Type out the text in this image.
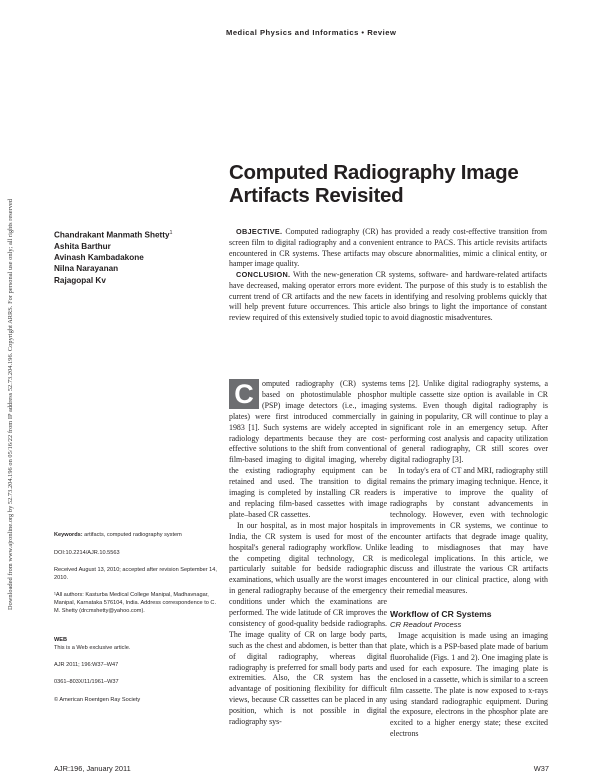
Downloaded from www.ajronline.org by 52.73.204.196 on 05/16/22 from IP address 52.73.204.196. Copyright ARRS. For personal use only; all rights reserved
Medical Physics and Informatics • Review
Computed Radiography Image
Artifacts Revisited
Chandrakant Manmath Shetty$^1$
Ashita Barthur
Avinash Kambadakone
Nilna Narayanan
Rajagopal Kv

OBJECTIVE. Computed radiography (CR) has provided a ready cost-effective transition from screen film to digital radiography and a convenient entrance to PACS. This article revisits artifacts encountered in CR systems. These artifacts may obscure abnormalities, mimic a clinical entity, or hamper image quality.

CONCLUSION. With the new-generation CR systems, software- and hardware-related artifacts have decreased, making operator errors more evident. The purpose of this study is to establish the current trend of CR artifacts and the new facets in identifying and resolving problems quickly that will help prevent future occurrences. This article also brings to light the importance of constant review required of this extensively studied topic to avoid diagnostic misadventures.

C	omputed radiography (CR) systems based on photostimulable phosphor (PSP) image detectors (i.e., imaging plates) were first introduced commercially in 1983 [1]. Such systems are widely accepted in radiology departments because they are cost-effective solutions to the shift from conventional film-based imaging to digital imaging, whereby the existing radiography equipment can be retained and used. The transition to digital imaging is completed by installing CR readers and replacing film-based cassettes with image plate–based CR cassettes.

In our hospital, as in most major hospitals in India, the CR system is used for most of the hospital's general radiography workflow. Unlike the competing digital technology, CR is particularly suitable for bedside radiographic examinations, which usually are the worst images in general radiography because of the emergency conditions under which the examinations are performed. The wide latitude of CR improves the consistency of good-quality bedside radiographs. The image quality of CR on large body parts, such as the chest and abdomen, is better than that of digital radiography, whereas digital radiography is preferred for small body parts and extremities. Also, the CR system has the advantage of positioning flexibility for difficult views, because CR cassettes can be placed in any position, which is not possible in digital radiography sys-

tems [2]. Unlike digital radiography systems, a multiple cassette size option is available in CR systems. Even though digital radiography is gaining in popularity, CR will continue to play a significant role in an emergency setup. After performing cost analysis and capacity utilization of general radiography, CR still scores over digital radiography [3].

In today's era of CT and MRI, radiography still remains the primary imaging technique. Hence, it is imperative to improve the quality of radiographs by constant advancements in technology. However, even with technologic improvements in CR systems, we continue to encounter artifacts that degrade image quality, leading to misdiagnoses that may have medicolegal implications. In this article, we discuss and illustrate the various CR artifacts encountered in our clinical practice, along with their remedial measures.

Workflow of CR Systems
CR Readout Process

Image acquisition is made using an imaging plate, which is a PSP-based plate made of barium fluorohalide (Figs. 1 and 2). One imaging plate is used for each exposure. The imaging plate is enclosed in a cassette, which is similar to a screen film cassette. The plate is now exposed to x-rays using standard radiographic equipment. During the exposure, electrons in the phosphor plate are excited to a higher energy state; these excited electrons

Keywords: artifacts, computed radiography system
DOI:10.2214/AJR.10.5563
Received August 13, 2010; accepted after revision September 14, 2010.
¹All authors: Kasturba Medical College Manipal, Madhavnagar, Manipal, Karnataka 576104, India. Address correspondence to C. M. Shetty (drcmshetty@yahoo.com).
WEB
This is a Web exclusive article.
AJR 2011; 196:W37–W47
0361–803X/11/1961–W37
© American Roentgen Ray Society
AJR:196, January 2011	W37
